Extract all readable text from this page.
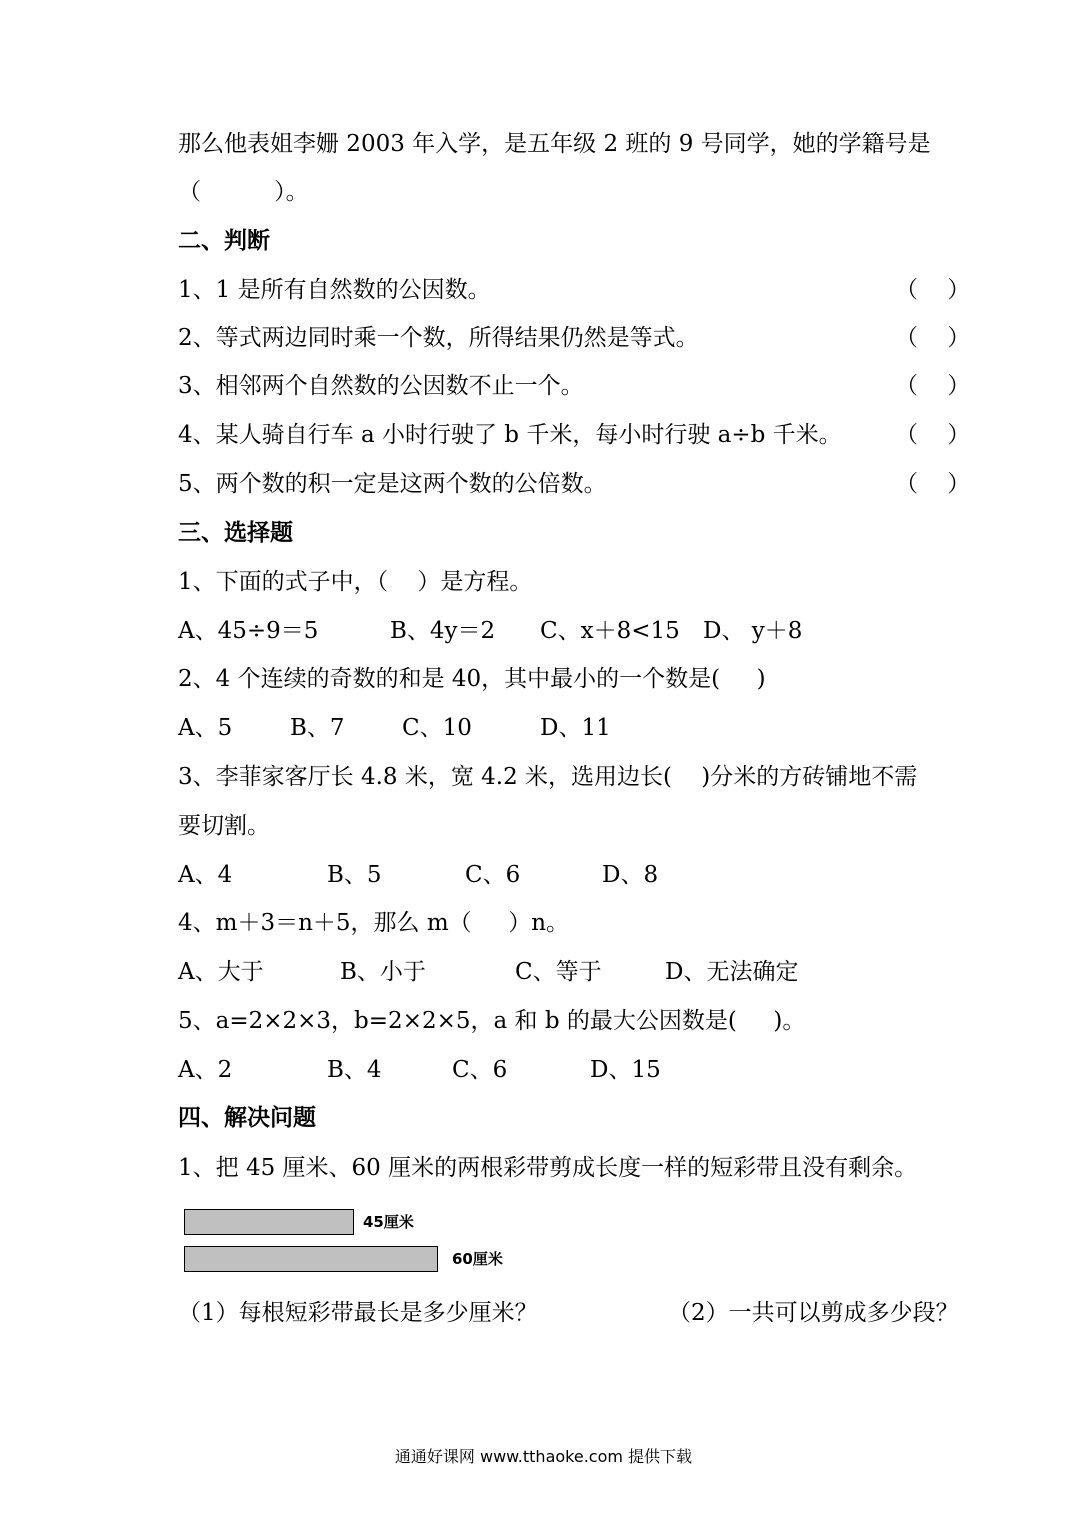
那么他表姐李姗 2003 年入学，是五年级 2 班的 9 号同学，她的学籍号是
（          ）。
二、判断
1、1 是所有自然数的公因数。	（    ）
2、等式两边同时乘一个数，所得结果仍然是等式。	（    ）
3、相邻两个自然数的公因数不止一个。	（    ）
4、某人骑自行车 a 小时行驶了 b 千米，每小时行驶 a÷b 千米。 （    ）
5、两个数的积一定是这两个数的公倍数。	（    ）
三、选择题
1、下面的式子中，（    ）是方程。
A、45÷9＝5	B、4y＝2 C、x＋8<15 D、 y＋8
2、4 个连续的奇数的和是 40，其中最小的一个数是(     )
A、5	B、7 C、10	D、11
3、李菲家客厅长 4.8 米，宽 4.2 米，选用边长(    )分米的方砖铺地不需
要切割。
A、4	B、5	C、6	D、8
4、m＋3＝n＋5，那么 m（     ）n。
A、大于	B、小于	C、等于	D、无法确定
5、a=2×2×3，b=2×2×5，a 和 b 的最大公因数是(     )。
A、2	B、4	C、6	D、15
四、解决问题
1、把 45 厘米、60 厘米的两根彩带剪成长度一样的短彩带且没有剩余。
45厘米
60厘米
（1）每根短彩带最长是多少厘米？	（2）一共可以剪成多少段？
通通好课网 www.tthaoke.com 提供下载
